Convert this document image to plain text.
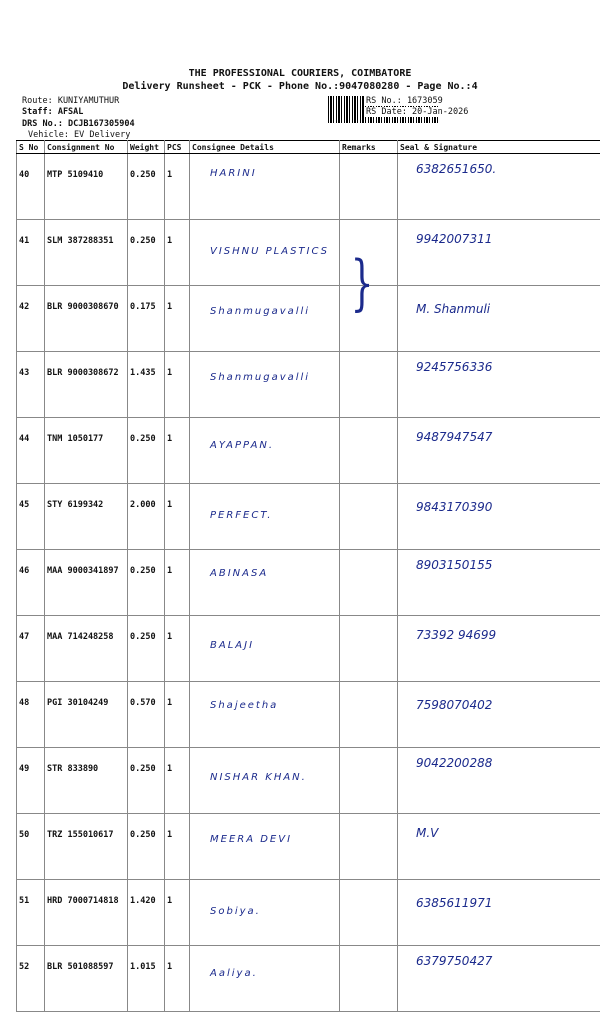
THE PROFESSIONAL COURIERS, COIMBATORE
Delivery Runsheet - PCK - Phone No.:9047080280 - Page No.:4
Route: KUNIYAMUTHUR
Staff: AFSAL
DRS No.: DCJB167305904
Vehicle: EV Delivery
RS No.: 1673059
RS Date: 20-Jan-2026
S No	Consignment No	Weight	PCS	Consignee Details	Remarks	Seal & Signature
40	MTP 5109410	0.250	1	HARINI		6382651650.

41	SLM 387288351	0.250	1	VISHNU PLASTICS		9942007311

42	BLR 9000308670	0.175	1	Shanmugavalli		M. Shanmuli

43	BLR 9000308672	1.435	1	Shanmugavalli		9245756336

44	TNM 1050177	0.250	1	AYAPPAN.		9487947547

45	STY 6199342	2.000	1	PERFECT.		9843170390

46	MAA 9000341897	0.250	1	ABINASA		8903150155

47	MAA 714248258	0.250	1	BALAJI		73392 94699

48	PGI 30104249	0.570	1	Shajeetha		7598070402

49	STR 833890	0.250	1	NISHAR KHAN.		9042200288

50	TRZ 155010617	0.250	1	MEERA DEVI		M.V

51	HRD 7000714818	1.420	1	Sobiya.		6385611971

52	BLR 501088597	1.015	1	Aaliya.		6379750427
}
